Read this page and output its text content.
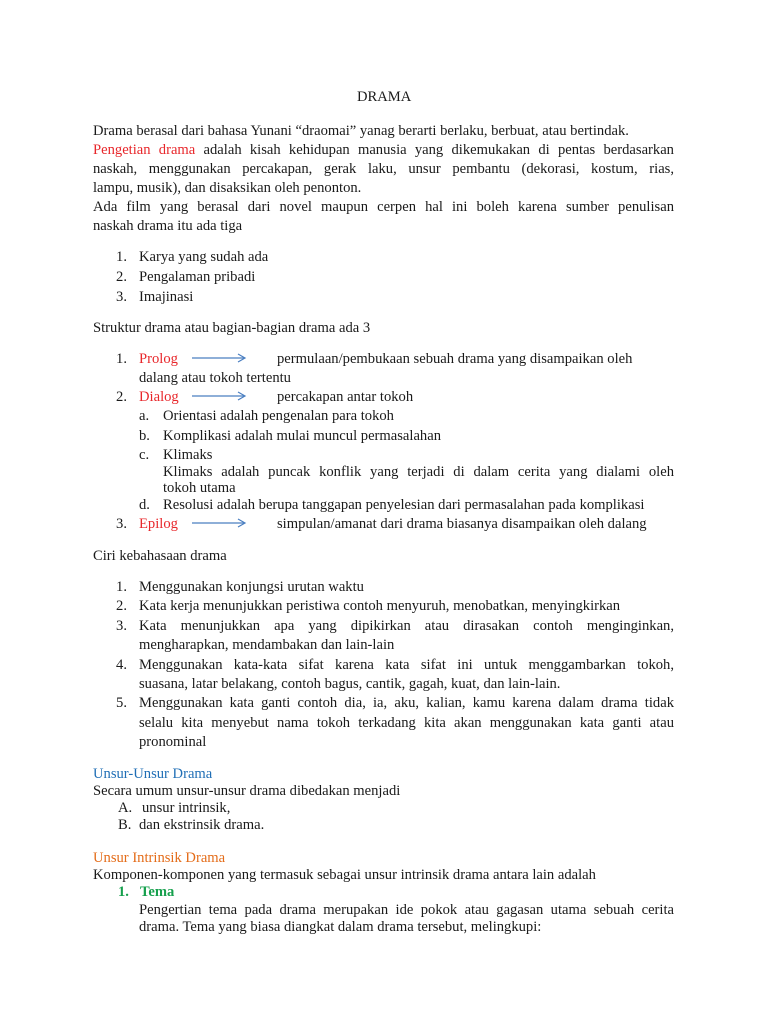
DRAMA
Drama berasal dari bahasa Yunani “draomai” yanag berarti berlaku, berbuat, atau bertindak.
Pengetian drama adalah kisah kehidupan manusia yang dikemukakan di pentas berdasarkan
naskah, menggunakan percakapan, gerak laku, unsur pembantu (dekorasi, kostum, rias,
lampu, musik), dan disaksikan oleh penonton.
Ada film yang berasal dari novel maupun cerpen hal ini boleh karena sumber penulisan
naskah drama itu ada tiga
1. Karya yang sudah ada
2. Pengalaman pribadi
3. Imajinasi
Struktur drama atau bagian-bagian drama ada 3
1. Prolog	permulaan/pembukaan sebuah drama yang disampaikan oleh
dalang atau tokoh tertentu
2. Dialog	percakapan antar tokoh
a. Orientasi adalah pengenalan para tokoh
b. Komplikasi adalah mulai muncul permasalahan
c. Klimaks
Klimaks adalah puncak konflik yang terjadi di dalam cerita yang dialami oleh
tokoh utama
d. Resolusi adalah berupa tanggapan penyelesian dari permasalahan pada komplikasi
3. Epilog	simpulan/amanat dari drama biasanya disampaikan oleh dalang
Ciri kebahasaan drama
1. Menggunakan konjungsi urutan waktu
2. Kata kerja menunjukkan peristiwa contoh menyuruh, menobatkan, menyingkirkan
3. Kata menunjukkan apa yang dipikirkan atau dirasakan contoh menginginkan,
mengharapkan, mendambakan dan lain-lain
4. Menggunakan kata-kata sifat karena kata sifat ini untuk menggambarkan tokoh,
suasana, latar belakang, contoh bagus, cantik, gagah, kuat, dan lain-lain.
5. Menggunakan kata ganti contoh dia, ia, aku, kalian, kamu karena dalam drama tidak
selalu kita menyebut nama tokoh terkadang kita akan menggunakan kata ganti atau
pronominal
Unsur-Unsur Drama
Secara umum unsur-unsur drama dibedakan menjadi
A. unsur intrinsik,
B. dan ekstrinsik drama.
Unsur Intrinsik Drama
Komponen-komponen yang termasuk sebagai unsur intrinsik drama antara lain adalah
1. Tema
Pengertian tema pada drama merupakan ide pokok atau gagasan utama sebuah cerita
drama. Tema yang biasa diangkat dalam drama tersebut, melingkupi:
